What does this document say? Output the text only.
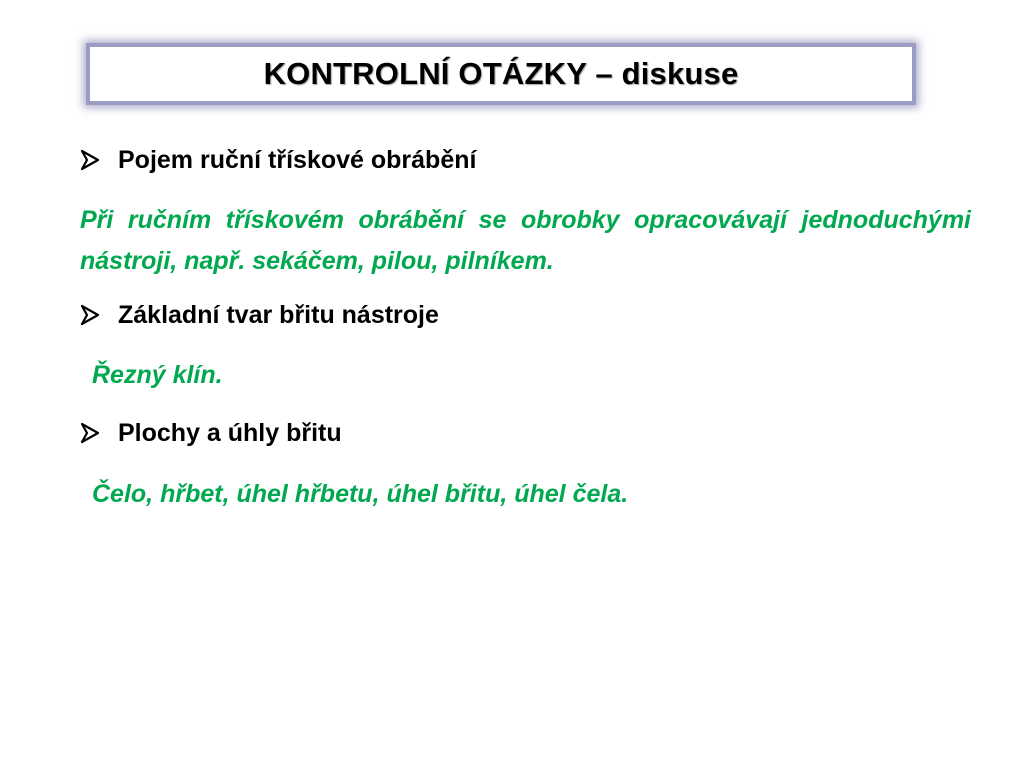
KONTROLNÍ OTÁZKY – diskuse
Pojem ruční třískové obrábění

Při ručním třískovém obrábění se obrobky opracovávají jednoduchými nástroji, např. sekáčem, pilou, pilníkem.

Základní tvar břitu nástroje

Řezný klín.

Plochy a úhly břitu

Čelo, hřbet, úhel hřbetu, úhel břitu, úhel čela.
